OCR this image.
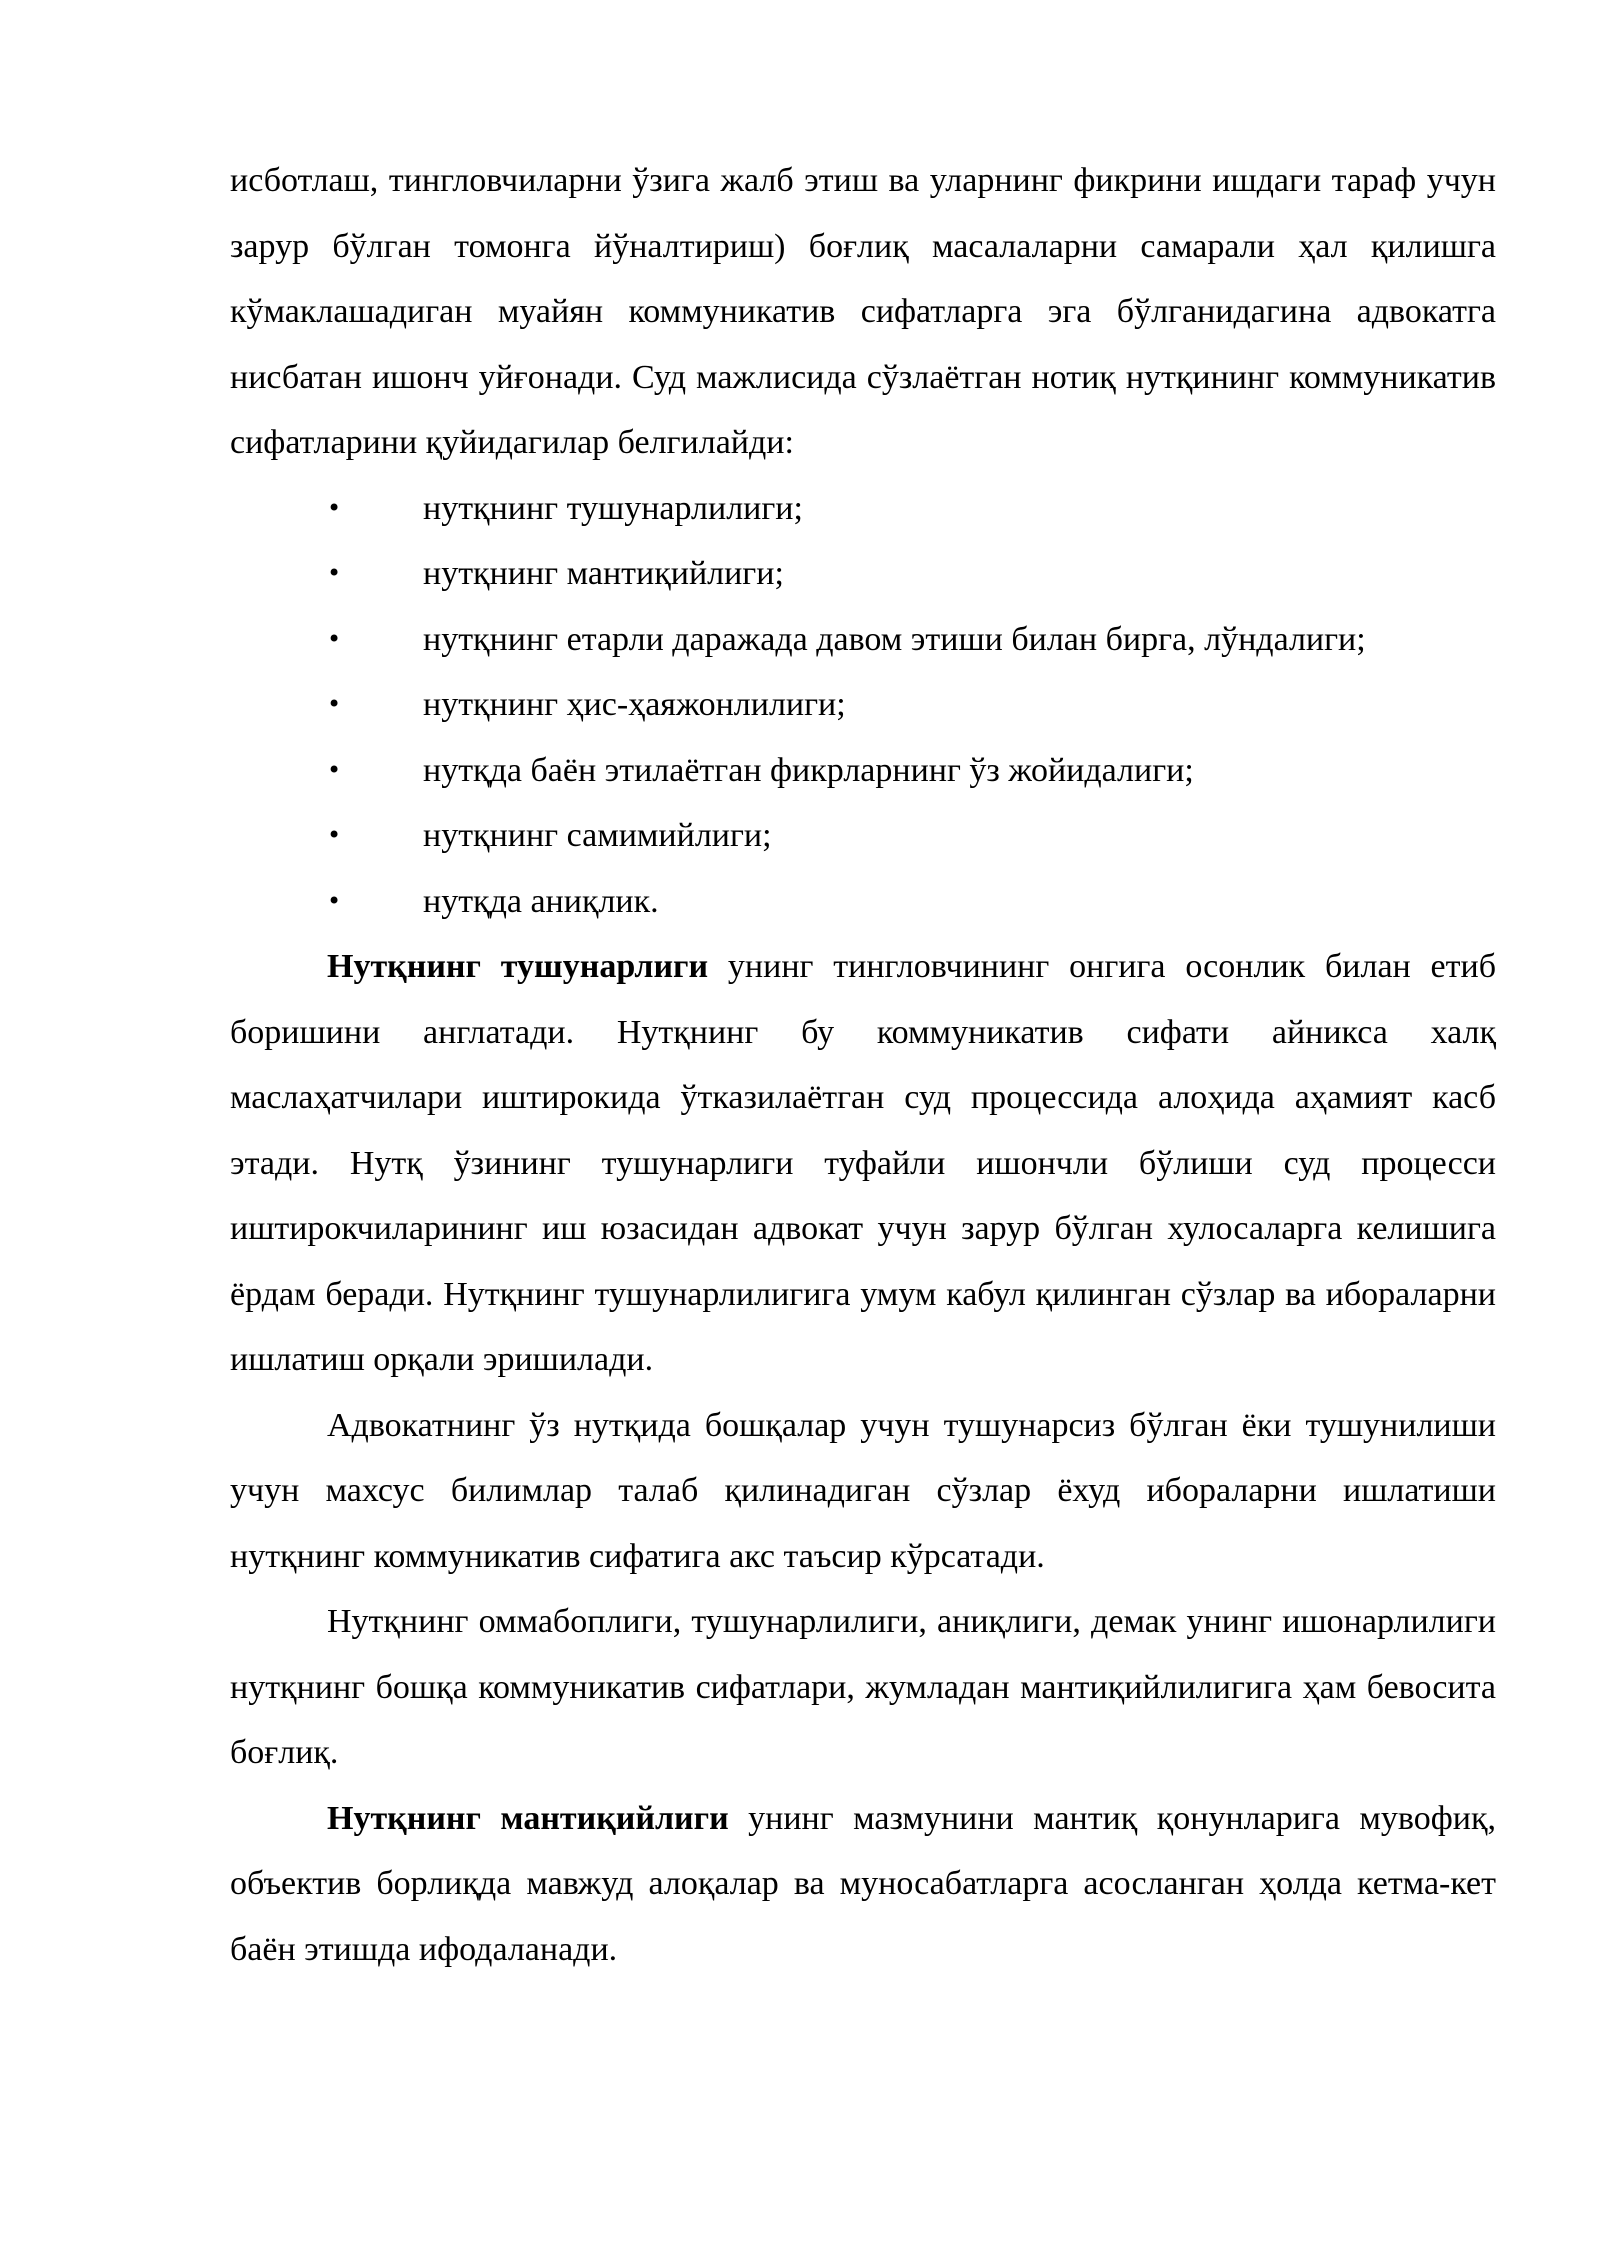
исботлаш, тингловчиларни ўзига жалб этиш ва уларнинг фикрини ишдаги тараф учун зарур бўлган томонга йўналтириш) боғлиқ масалаларни самарали ҳал қилишга кўмаклашадиган муайян коммуникатив сифатларга эга бўлганидагина адвокатга нисбатан ишонч уйғонади. Суд мажлисида сўзлаётган нотиқ нутқининг коммуникатив сифатларини қуйидагилар белгилайди:

• нутқнинг тушунарлилиги;
• нутқнинг мантиқийлиги;
• нутқнинг етарли даражада давом этиши билан бирга, лўндалиги;
• нутқнинг ҳис-ҳаяжонлилиги;
• нутқда баён этилаётган фикрларнинг ўз жойидалиги;
• нутқнинг самимийлиги;
• нутқда аниқлик.

Нутқнинг тушунарлиги унинг тингловчининг онгига осонлик билан етиб боришини англатади. Нутқнинг бу коммуникатив сифати айникса халқ маслаҳатчилари иштирокида ўтказилаётган суд процессида алоҳида аҳамият касб этади. Нутқ ўзининг тушунарлиги туфайли ишончли бўлиши суд процесси иштирокчиларининг иш юзасидан адвокат учун зарур бўлган хулосаларга келишига ёрдам беради. Нутқнинг тушунарлилигига умум кабул қилинган сўзлар ва ибораларни ишлатиш орқали эришилади.

Адвокатнинг ўз нутқида бошқалар учун тушунарсиз бўлган ёки тушунилиши учун махсус билимлар талаб қилинадиган сўзлар ёхуд ибораларни ишлатиши нутқнинг коммуникатив сифатига акс таъсир кўрсатади.

Нутқнинг оммабоплиги, тушунарлилиги, аниқлиги, демак унинг ишонарлилиги нутқнинг бошқа коммуникатив сифатлари, жумладан мантиқийлилигига ҳам бевосита боғлиқ.

Нутқнинг мантиқийлиги унинг мазмунини мантиқ қонунларига мувофиқ, объектив борлиқда мавжуд алоқалар ва муносабатларга асосланган ҳолда кетма-кет баён этишда ифодаланади.
